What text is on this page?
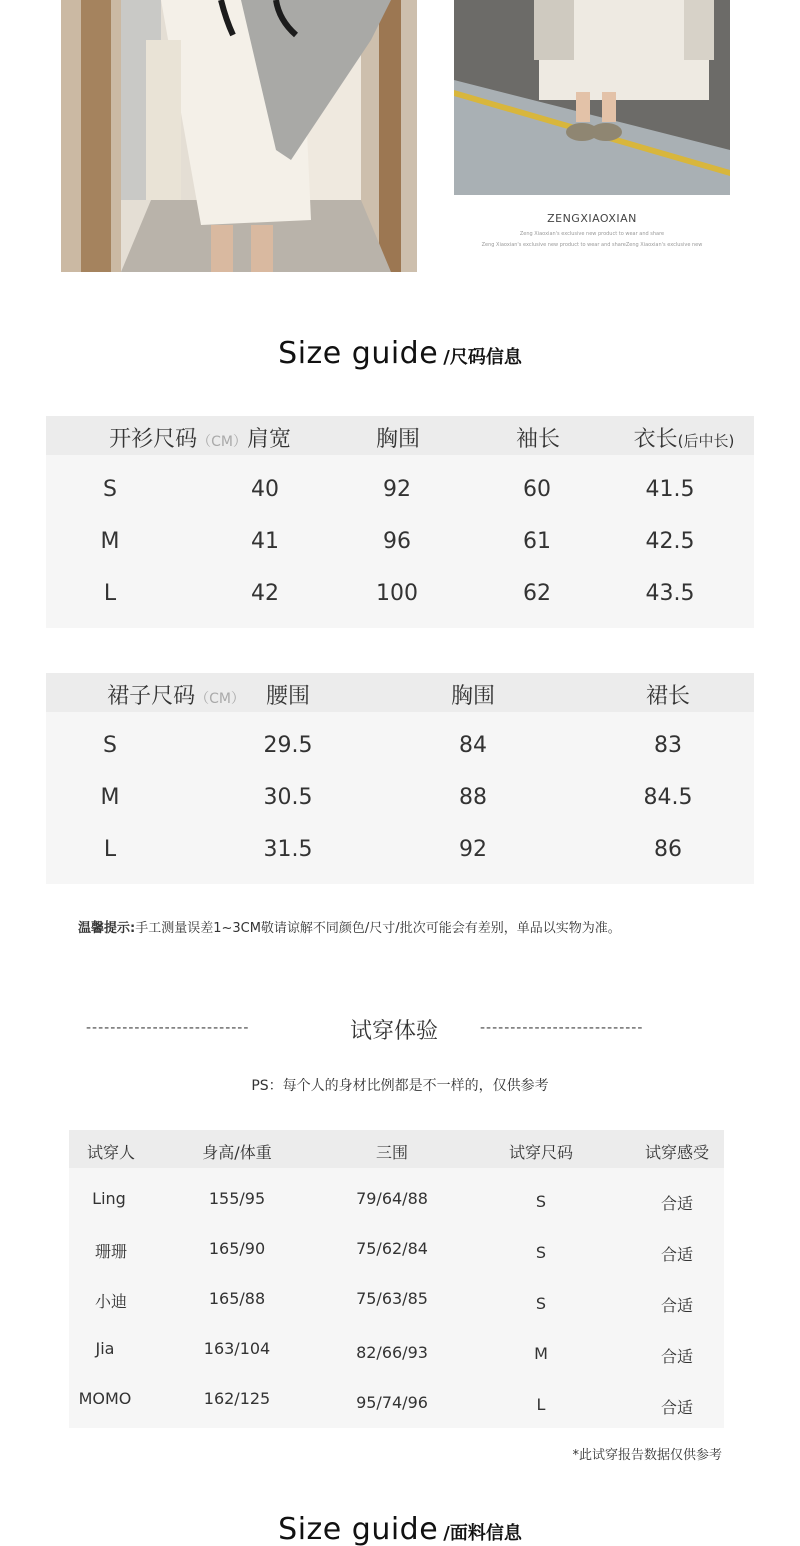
ZENGXIAOXIAN
Zeng Xiaoxian's exclusive new product to wear and share
Zeng Xiaoxian's exclusive new product to wear and shareZeng Xiaoxian's exclusive new
Size guide /尺码信息
开衫尺码（CM） 肩宽	胸围	袖长	衣长(后中长)
S	40	92	60	41.5
M	41	96	61	42.5
L	42	100	62	43.5
裙子尺码（CM） 腰围	胸围	裙长
S	29.5	84	83
M	30.5	88	84.5
L	31.5	92	86
温馨提示:手工测量误差1~3CM敬请谅解不同颜色/尺寸/批次可能会有差别，单品以实物为准。
---------------------------	试穿体验	---------------------------
PS：每个人的身材比例都是不一样的，仅供参考
试穿人	身高/体重	三围	试穿尺码	试穿感受
Ling	155/95	79/64/88	S	合适
珊珊	165/90	75/62/84	S	合适
小迪	165/88	75/63/85	S	合适
Jia	163/104	82/66/93	M	合适
MOMO	162/125	95/74/96	L	合适
*此试穿报告数据仅供参考
Size guide /面料信息
